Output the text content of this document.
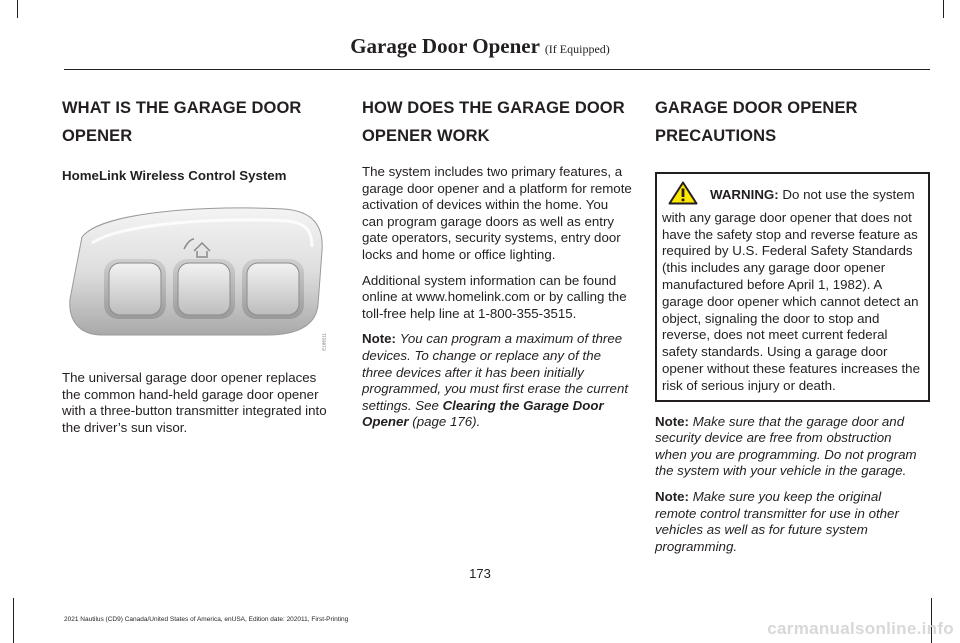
Garage Door Opener (If Equipped)
WHAT IS THE GARAGE DOOR
OPENER
HomeLink Wireless Control System
E188211

The universal garage door opener replaces the common hand-held garage door opener with a three-button transmitter integrated into the driver’s sun visor.

HOW DOES THE GARAGE DOOR
OPENER WORK

The system includes two primary features, a garage door opener and a platform for remote activation of devices within the home. You can program garage doors as well as entry gate operators, security systems, entry door locks and home or office lighting.

Additional system information can be found online at www.homelink.com or by calling the toll-free help line at 1-800-355-3515.

Note: You can program a maximum of three devices. To change or replace any of the three devices after it has been initially programmed, you must first erase the current settings. See Clearing the Garage Door Opener (page 176).

GARAGE DOOR OPENER
PRECAUTIONS
WARNING: Do not use the system with any garage door opener that does not have the safety stop and reverse feature as required by U.S. Federal Safety Standards (this includes any garage door opener manufactured before April 1, 1982). A garage door opener which cannot detect an object, signaling the door to stop and reverse, does not meet current federal safety standards. Using a garage door opener without these features increases the risk of serious injury or death.

Note: Make sure that the garage door and security device are free from obstruction when you are programming. Do not program the system with your vehicle in the garage.

Note: Make sure you keep the original remote control transmitter for use in other vehicles as well as for future system programming.

173
2021 Nautilus (CD9) Canada/United States of America, enUSA, Edition date: 202011, First-Printing	carmanualsonline.info
